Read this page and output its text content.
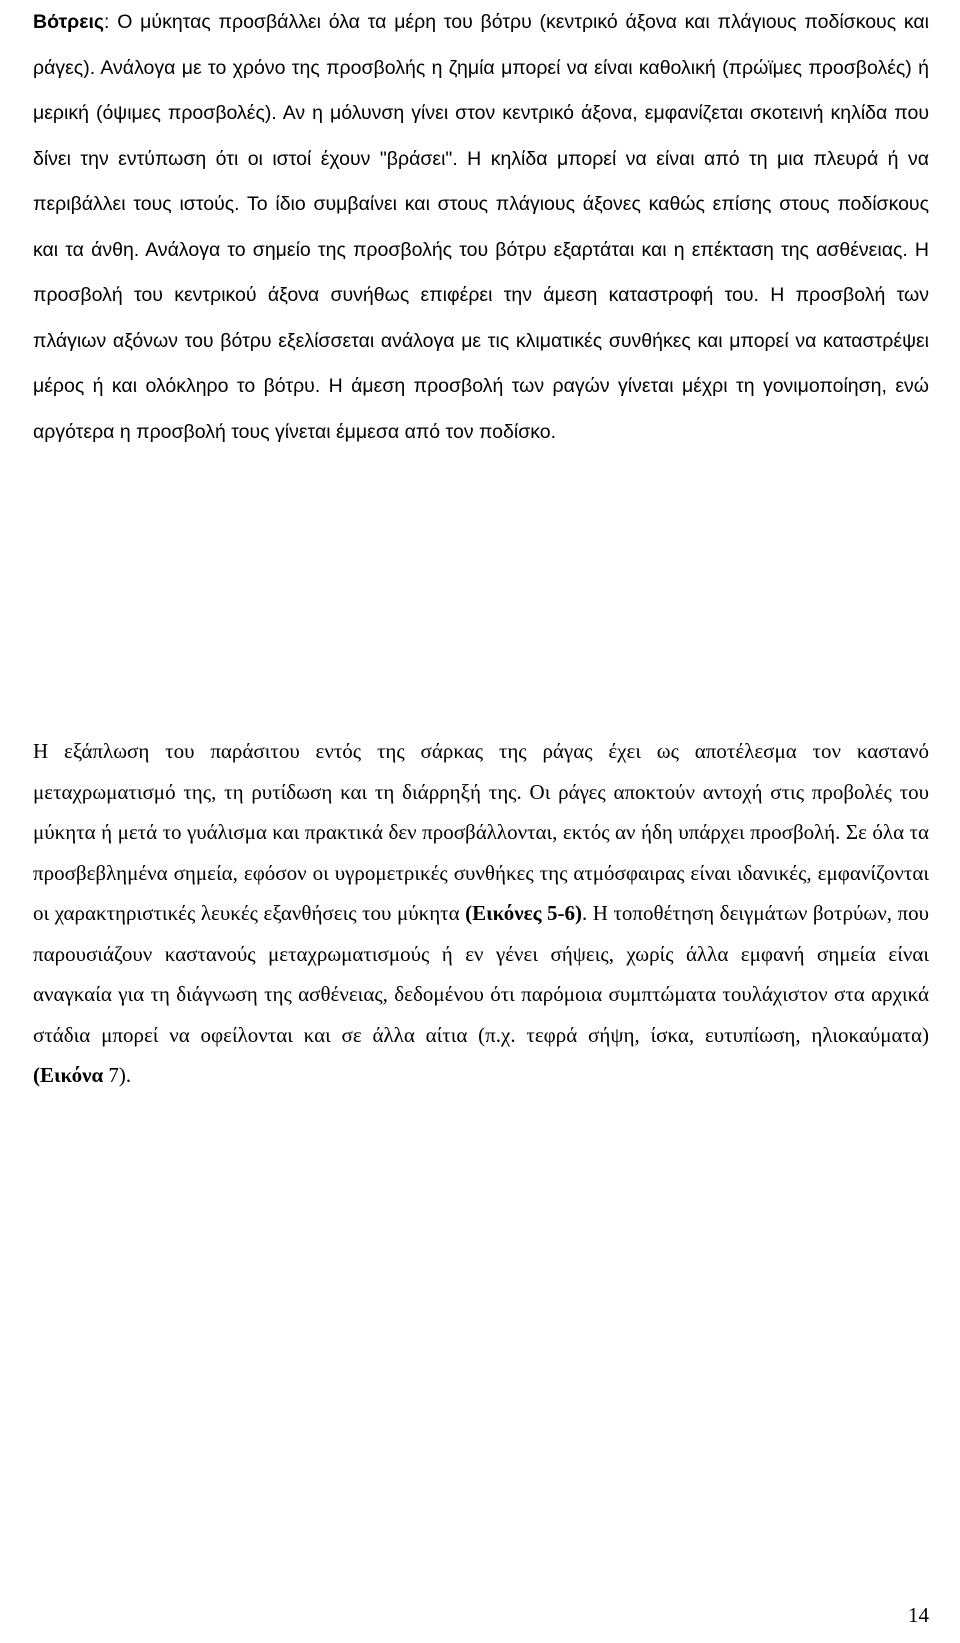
Βότρεις: Ο μύκητας προσβάλλει όλα τα μέρη του βότρυ (κεντρικό άξονα και πλάγιους ποδίσκους και ράγες). Ανάλογα με το χρόνο της προσβολής η ζημία μπορεί να είναι καθολική (πρώϊμες προσβολές) ή μερική (όψιμες προσβολές). Αν η μόλυνση γίνει στον κεντρικό άξονα, εμφανίζεται σκοτεινή κηλίδα που δίνει την εντύπωση ότι οι ιστοί έχουν "βράσει". Η κηλίδα μπορεί να είναι από τη μια πλευρά ή να περιβάλλει τους ιστούς. Το ίδιο συμβαίνει και στους πλάγιους άξονες καθώς επίσης στους ποδίσκους και τα άνθη. Ανάλογα το σημείο της προσβολής του βότρυ εξαρτάται και η επέκταση της ασθένειας. Η προσβολή του κεντρικού άξονα συνήθως επιφέρει την άμεση καταστροφή του. Η προσβολή των πλάγιων αξόνων του βότρυ εξελίσσεται ανάλογα με τις κλιματικές συνθήκες και μπορεί να καταστρέψει μέρος ή και ολόκληρο το βότρυ. Η άμεση προσβολή των ραγών γίνεται μέχρι τη γονιμοποίηση, ενώ αργότερα η προσβολή τους γίνεται έμμεσα από τον ποδίσκο.

Η εξάπλωση του παράσιτου εντός της σάρκας της ράγας έχει ως αποτέλεσμα τον καστανό μεταχρωματισμό της, τη ρυτίδωση και τη διάρρηξή της. Οι ράγες αποκτούν αντοχή στις προβολές του μύκητα ή μετά το γυάλισμα και πρακτικά δεν προσβάλλονται, εκτός αν ήδη υπάρχει προσβολή. Σε όλα τα προσβεβλημένα σημεία, εφόσον οι υγρομετρικές συνθήκες της ατμόσφαιρας είναι ιδανικές, εμφανίζονται οι χαρακτηριστικές λευκές εξανθήσεις του μύκητα (Εικόνες 5-6). Η τοποθέτηση δειγμάτων βοτρύων, που παρουσιάζουν καστανούς μεταχρωματισμούς ή εν γένει σήψεις, χωρίς άλλα εμφανή σημεία είναι αναγκαία για τη διάγνωση της ασθένειας, δεδομένου ότι παρόμοια συμπτώματα τουλάχιστον στα αρχικά στάδια μπορεί να οφείλονται και σε άλλα αίτια (π.χ. τεφρά σήψη, ίσκα, ευτυπίωση, ηλιοκαύματα) (Εικόνα 7).

14
